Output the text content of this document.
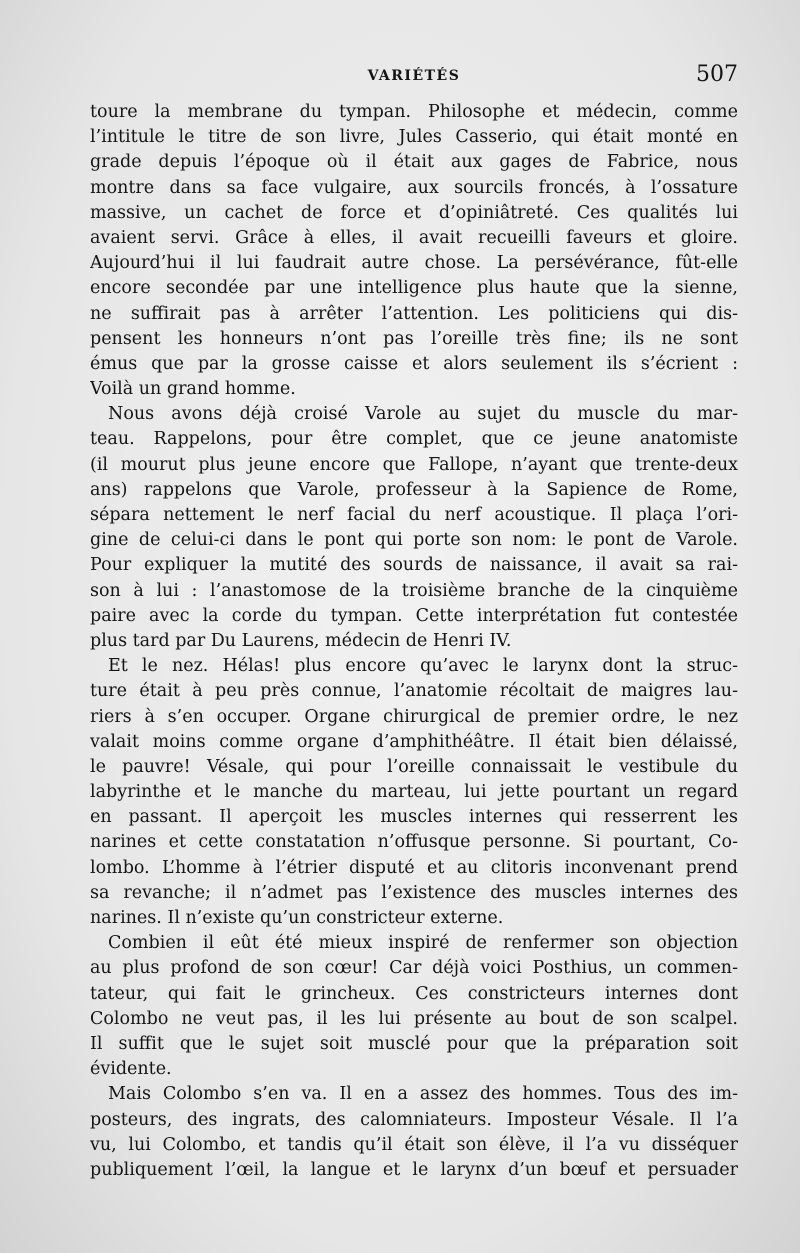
VARIÉTÉS	507
toure la membrane du tympan. Philosophe et médecin, comme
l’intitule le titre de son livre, Jules Casserio, qui était monté en
grade depuis l’époque où il était aux gages de Fabrice, nous
montre dans sa face vulgaire, aux sourcils froncés, à l’ossature
massive, un cachet de force et d’opiniâtreté. Ces qualités lui
avaient servi. Grâce à elles, il avait recueilli faveurs et gloire.
Aujourd’hui il lui faudrait autre chose. La persévérance, fût-elle
encore secondée par une intelligence plus haute que la sienne,
ne suffirait pas à arrêter l’attention. Les politiciens qui dis-
pensent les honneurs n’ont pas l’oreille très fine; ils ne sont
émus que par la grosse caisse et alors seulement ils s’écrient :
Voilà un grand homme.
Nous avons déjà croisé Varole au sujet du muscle du mar-
teau. Rappelons, pour être complet, que ce jeune anatomiste
(il mourut plus jeune encore que Fallope, n’ayant que trente-deux
ans) rappelons que Varole, professeur à la Sapience de Rome,
sépara nettement le nerf facial du nerf acoustique. Il plaça l’ori-
gine de celui-ci dans le pont qui porte son nom: le pont de Varole.
Pour expliquer la mutité des sourds de naissance, il avait sa rai-
son à lui : l’anastomose de la troisième branche de la cinquième
paire avec la corde du tympan. Cette interprétation fut contestée
plus tard par Du Laurens, médecin de Henri IV.
Et le nez. Hélas! plus encore qu’avec le larynx dont la struc-
ture était à peu près connue, l’anatomie récoltait de maigres lau-
riers à s’en occuper. Organe chirurgical de premier ordre, le nez
valait moins comme organe d’amphithéâtre. Il était bien délaissé,
le pauvre! Vésale, qui pour l’oreille connaissait le vestibule du
labyrinthe et le manche du marteau, lui jette pourtant un regard
en passant. Il aperçoit les muscles internes qui resserrent les
narines et cette constatation n’offusque personne. Si pourtant, Co-
lombo. L’homme à l’étrier disputé et au clitoris inconvenant prend
sa revanche; il n’admet pas l’existence des muscles internes des
narines. Il n’existe qu’un constricteur externe.
Combien il eût été mieux inspiré de renfermer son objection
au plus profond de son cœur! Car déjà voici Posthius, un commen-
tateur, qui fait le grincheux. Ces constricteurs internes dont
Colombo ne veut pas, il les lui présente au bout de son scalpel.
Il suffit que le sujet soit musclé pour que la préparation soit
évidente.
Mais Colombo s’en va. Il en a assez des hommes. Tous des im-
posteurs, des ingrats, des calomniateurs. Imposteur Vésale. Il l’a
vu, lui Colombo, et tandis qu’il était son élève, il l’a vu disséquer
publiquement l’œil, la langue et le larynx d’un bœuf et persuader
